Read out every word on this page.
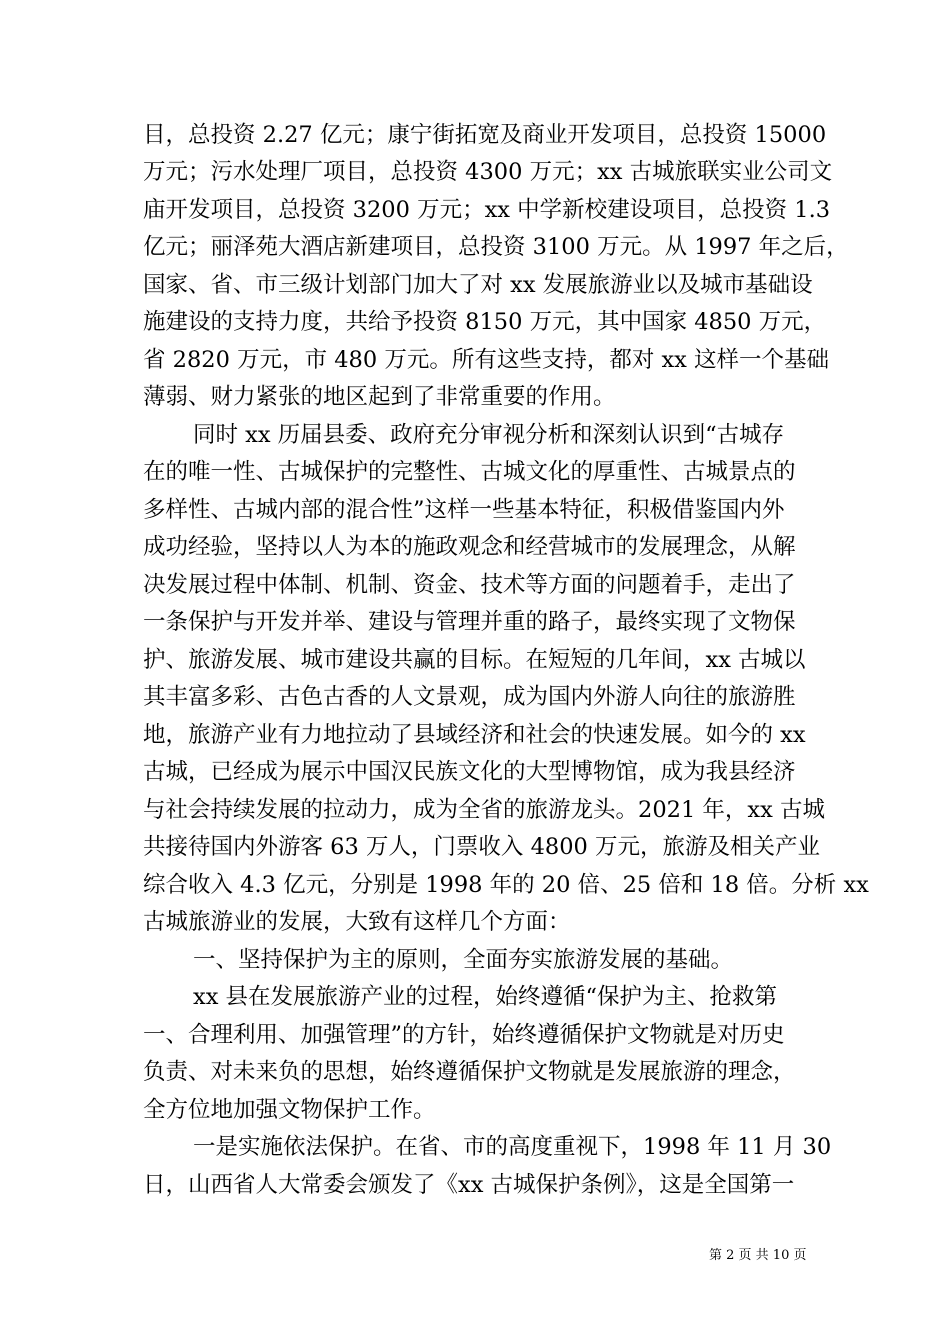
目，总投资 2.27 亿元；康宁街拓宽及商业开发项目，总投资 15000
万元；污水处理厂项目，总投资 4300 万元；xx 古城旅联实业公司文
庙开发项目，总投资 3200 万元；xx 中学新校建设项目，总投资 1.3
亿元；丽泽苑大酒店新建项目，总投资 3100 万元。从 1997 年之后，
国家、省、市三级计划部门加大了对 xx 发展旅游业以及城市基础设
施建设的支持力度，共给予投资 8150 万元，其中国家 4850 万元，
省 2820 万元，市 480 万元。所有这些支持，都对 xx 这样一个基础
薄弱、财力紧张的地区起到了非常重要的作用。
同时 xx 历届县委、政府充分审视分析和深刻认识到“古城存
在的唯一性、古城保护的完整性、古城文化的厚重性、古城景点的
多样性、古城内部的混合性”这样一些基本特征，积极借鉴国内外
成功经验，坚持以人为本的施政观念和经营城市的发展理念，从解
决发展过程中体制、机制、资金、技术等方面的问题着手，走出了
一条保护与开发并举、建设与管理并重的路子，最终实现了文物保
护、旅游发展、城市建设共赢的目标。在短短的几年间，xx 古城以
其丰富多彩、古色古香的人文景观，成为国内外游人向往的旅游胜
地，旅游产业有力地拉动了县域经济和社会的快速发展。如今的 xx
古城，已经成为展示中国汉民族文化的大型博物馆，成为我县经济
与社会持续发展的拉动力，成为全省的旅游龙头。2021 年，xx 古城
共接待国内外游客 63 万人，门票收入 4800 万元，旅游及相关产业
综合收入 4.3 亿元，分别是 1998 年的 20 倍、25 倍和 18 倍。分析 xx
古城旅游业的发展，大致有这样几个方面：
一、坚持保护为主的原则，全面夯实旅游发展的基础。
xx 县在发展旅游产业的过程，始终遵循“保护为主、抢救第
一、合理利用、加强管理”的方针，始终遵循保护文物就是对历史
负责、对未来负的思想，始终遵循保护文物就是发展旅游的理念，
全方位地加强文物保护工作。
一是实施依法保护。在省、市的高度重视下，1998 年 11 月 30
日，山西省人大常委会颁发了《xx 古城保护条例》，这是全国第一
第 2 页 共 10 页
